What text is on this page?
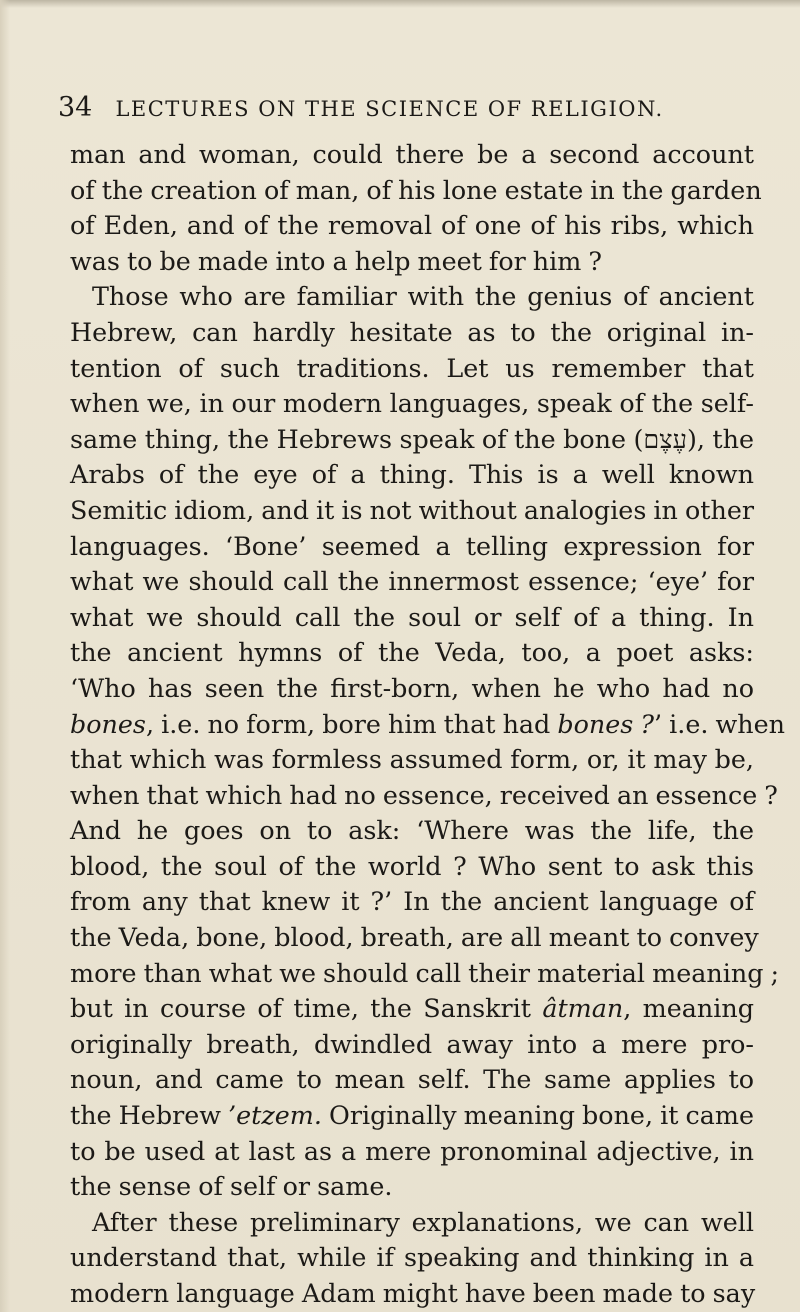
34 LECTURES ON THE SCIENCE OF RELIGION.
man and woman, could there be a second account
of the creation of man, of his lone estate in the garden
of Eden, and of the removal of one of his ribs, which
was to be made into a help meet for him ?
Those who are familiar with the genius of ancient
Hebrew, can hardly hesitate as to the original in-
tention of such traditions. Let us remember that
when we, in our modern languages, speak of the self-
same thing, the Hebrews speak of the bone (עֶצֶם), the
Arabs of the eye of a thing. This is a well known
Semitic idiom, and it is not without analogies in other
languages. ‘Bone’ seemed a telling expression for
what we should call the innermost essence; ‘eye’ for
what we should call the soul or self of a thing. In
the ancient hymns of the Veda, too, a poet asks:
‘Who has seen the first-born, when he who had no
bones, i.e. no form, bore him that had bones ?’ i.e. when
that which was formless assumed form, or, it may be,
when that which had no essence, received an essence ?
And he goes on to ask: ‘Where was the life, the
blood, the soul of the world ? Who sent to ask this
from any that knew it ?’ In the ancient language of
the Veda, bone, blood, breath, are all meant to convey
more than what we should call their material meaning ;
but in course of time, the Sanskrit âtman, meaning
originally breath, dwindled away into a mere pro-
noun, and came to mean self. The same applies to
the Hebrew ’etzem. Originally meaning bone, it came
to be used at last as a mere pronominal adjective, in
the sense of self or same.
After these preliminary explanations, we can well
understand that, while if speaking and thinking in a
modern language Adam might have been made to say
